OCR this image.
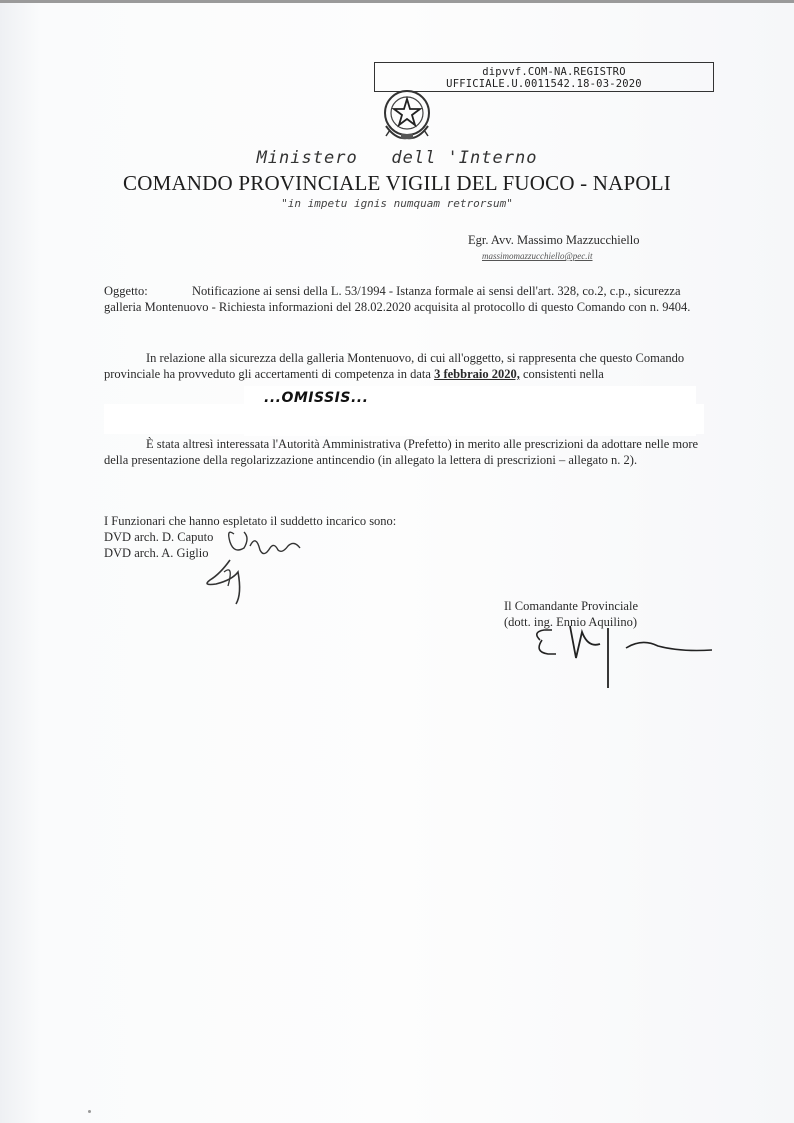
dipvvf.COM-NA.REGISTRO
UFFICIALE.U.0011542.18-03-2020
Ministero   dell 'Interno
COMANDO PROVINCIALE VIGILI DEL FUOCO - NAPOLI
"in impetu ignis numquam retrorsum"
Egr. Avv. Massimo Mazzucchiello
massimomazzucchiello@pec.it
Oggetto:	Notificazione ai sensi della L. 53/1994 - Istanza formale ai sensi dell'art. 328, co.2, c.p., sicurezza galleria Montenuovo - Richiesta informazioni del 28.02.2020 acquisita al protocollo di questo Comando con n. 9404.
In relazione alla sicurezza della galleria Montenuovo, di cui all'oggetto, si rappresenta che questo Comando provinciale ha provveduto gli accertamenti di competenza in data 3 febbraio 2020, consistenti nella
...OMISSIS...
È stata altresì interessata l'Autorità Amministrativa (Prefetto) in merito alle prescrizioni da adottare nelle more della presentazione della regolarizzazione antincendio (in allegato la lettera di prescrizioni – allegato n. 2).
I Funzionari che hanno espletato il suddetto incarico sono:
DVD arch. D. Caputo
DVD arch. A. Giglio
Il Comandante Provinciale
(dott. ing. Ennio Aquilino)
